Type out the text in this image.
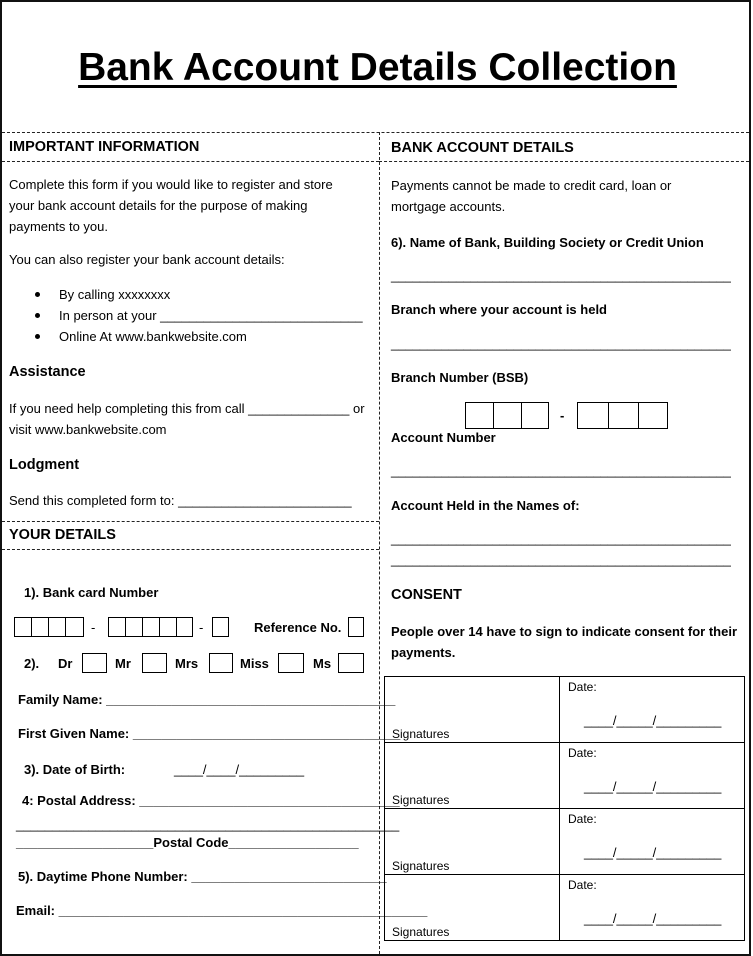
Bank Account Details Collection
IMPORTANT INFORMATION
Complete this form if you would like to register and store
your bank account details for the purpose of making
payments to you.
You can also register your bank account details:
By calling xxxxxxxx
In person at your ____________________________
Online At www.bankwebsite.com
Assistance
If you need help completing this from call ______________ or
visit www.bankwebsite.com
Lodgment
Send this completed form to: ________________________
YOUR DETAILS
1). Bank card Number
-	-	Reference No.
2). Dr	Mr	Mrs	Miss	Ms
Family Name: ________________________________________
First Given Name: _____________________________________
3). Date of Birth:	____/____/_________
4: Postal Address: ____________________________________
_____________________________________________________
___________________Postal Code__________________
5). Daytime Phone Number: ___________________________
Email: ___________________________________________________
BANK ACCOUNT DETAILS
Payments cannot be made to credit card, loan or
mortgage accounts.
6). Name of Bank, Building Society or Credit Union
_______________________________________________
Branch where your account is held
_______________________________________________
Branch Number (BSB)
-
Account Number
_______________________________________________
Account Held in the Names of:
_______________________________________________
_______________________________________________
CONSENT
People over 14 have to sign to indicate consent for their
payments.
Signatures	Date:
____/_____/_________

Signatures	Date:
____/_____/_________

Signatures	Date:
____/_____/_________

Signatures	Date:
____/_____/_________
